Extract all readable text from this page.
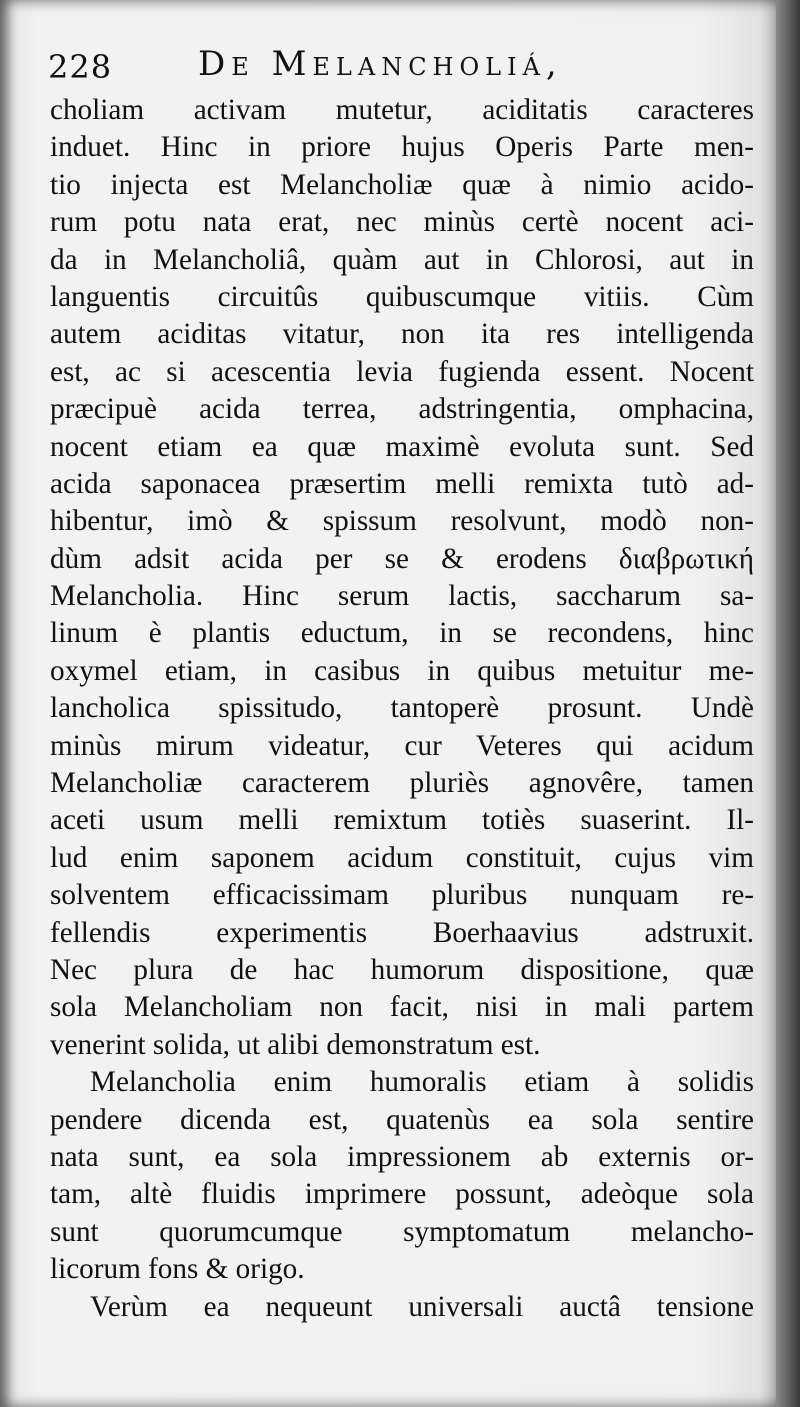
228	De Melancholiá,
choliam activam mutetur, aciditatis caracteres
induet. Hinc in priore hujus Operis Parte men-
tio injecta est Melancholiæ quæ à nimio acido-
rum potu nata erat, nec minùs certè nocent aci-
da in Melancholiâ, quàm aut in Chlorosi, aut in
languentis circuitûs quibuscumque vitiis. Cùm
autem aciditas vitatur, non ita res intelligenda
est, ac si acescentia levia fugienda essent. Nocent
præcipuè acida terrea, adstringentia, omphacina,
nocent etiam ea quæ maximè evoluta sunt. Sed
acida saponacea præsertim melli remixta tutò ad-
hibentur, imò & spissum resolvunt, modò non-
dùm adsit acida per se & erodens διαβρωτική
Melancholia. Hinc serum lactis, saccharum sa-
linum è plantis eductum, in se recondens, hinc
oxymel etiam, in casibus in quibus metuitur me-
lancholica spissitudo, tantoperè prosunt. Undè
minùs mirum videatur, cur Veteres qui acidum
Melancholiæ caracterem pluriès agnovêre, tamen
aceti usum melli remixtum totiès suaserint. Il-
lud enim saponem acidum constituit, cujus vim
solventem efficacissimam pluribus nunquam re-
fellendis experimentis Boerhaavius adstruxit.
Nec plura de hac humorum dispositione, quæ
sola Melancholiam non facit, nisi in mali partem
venerint solida, ut alibi demonstratum est.
Melancholia enim humoralis etiam à solidis
pendere dicenda est, quatenùs ea sola sentire
nata sunt, ea sola impressionem ab externis or-
tam, altè fluidis imprimere possunt, adeòque sola
sunt quorumcumque symptomatum melancho-
licorum fons & origo.
Verùm ea nequeunt universali auctâ tensione
